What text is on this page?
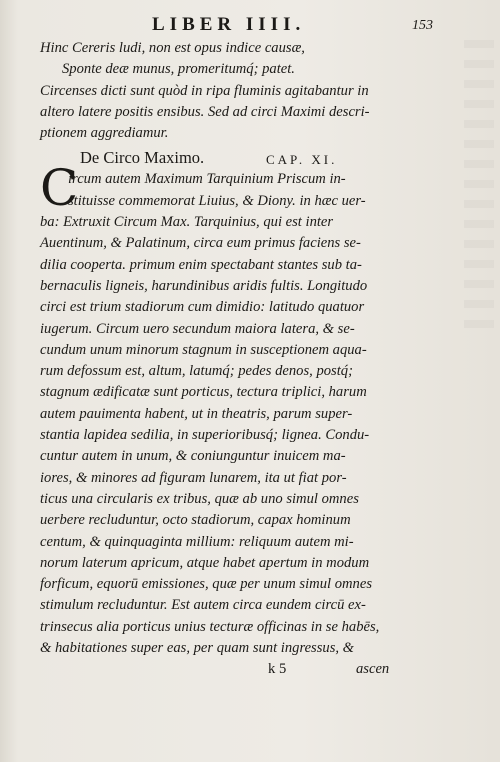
LIBER IIII.	153
Hinc Cereris ludi, non est opus indice causæ,
Sponte deæ munus, promeritumq́; patet.
Circenses dicti sunt quòd in ripa fluminis agitabantur in
altero latere positis ensibus. Sed ad circi Maximi descri-
ptionem aggrediamur.
De Circo Maximo.	CAP. XI.
C
ircum autem Maximum Tarquinium Priscum in-
stituisse commemorat Liuius, & Diony. in hæc uer-
ba: Extruxit Circum Max. Tarquinius, qui est inter
Auentinum, & Palatinum, circa eum primus faciens se-
dilia cooperta. primum enim spectabant stantes sub ta-
bernaculis ligneis, harundinibus aridis fultis. Longitudo
circi est trium stadiorum cum dimidio: latitudo quatuor
iugerum. Circum uero secundum maiora latera, & se-
cundum unum minorum stagnum in susceptionem aqua-
rum defossum est, altum, latumq́; pedes denos, postq́;
stagnum ædificatæ sunt porticus, tectura triplici, harum
autem pauimenta habent, ut in theatris, parum super-
stantia lapidea sedilia, in superioribusq́; lignea. Condu-
cuntur autem in unum, & coniunguntur inuicem ma-
iores, & minores ad figuram lunarem, ita ut fiat por-
ticus una circularis ex tribus, quæ ab uno simul omnes
uerbere recluduntur, octo stadiorum, capax hominum
centum, & quinquaginta millium: reliquum autem mi-
norum laterum apricum, atque habet apertum in modum
forficum, equorū emissiones, quæ per unum simul omnes
stimulum recluduntur. Est autem circa eundem circū ex-
trinsecus alia porticus unius tecturæ officinas in se habēs,
& habitationes super eas, per quam sunt ingressus, &
k 5	ascen
